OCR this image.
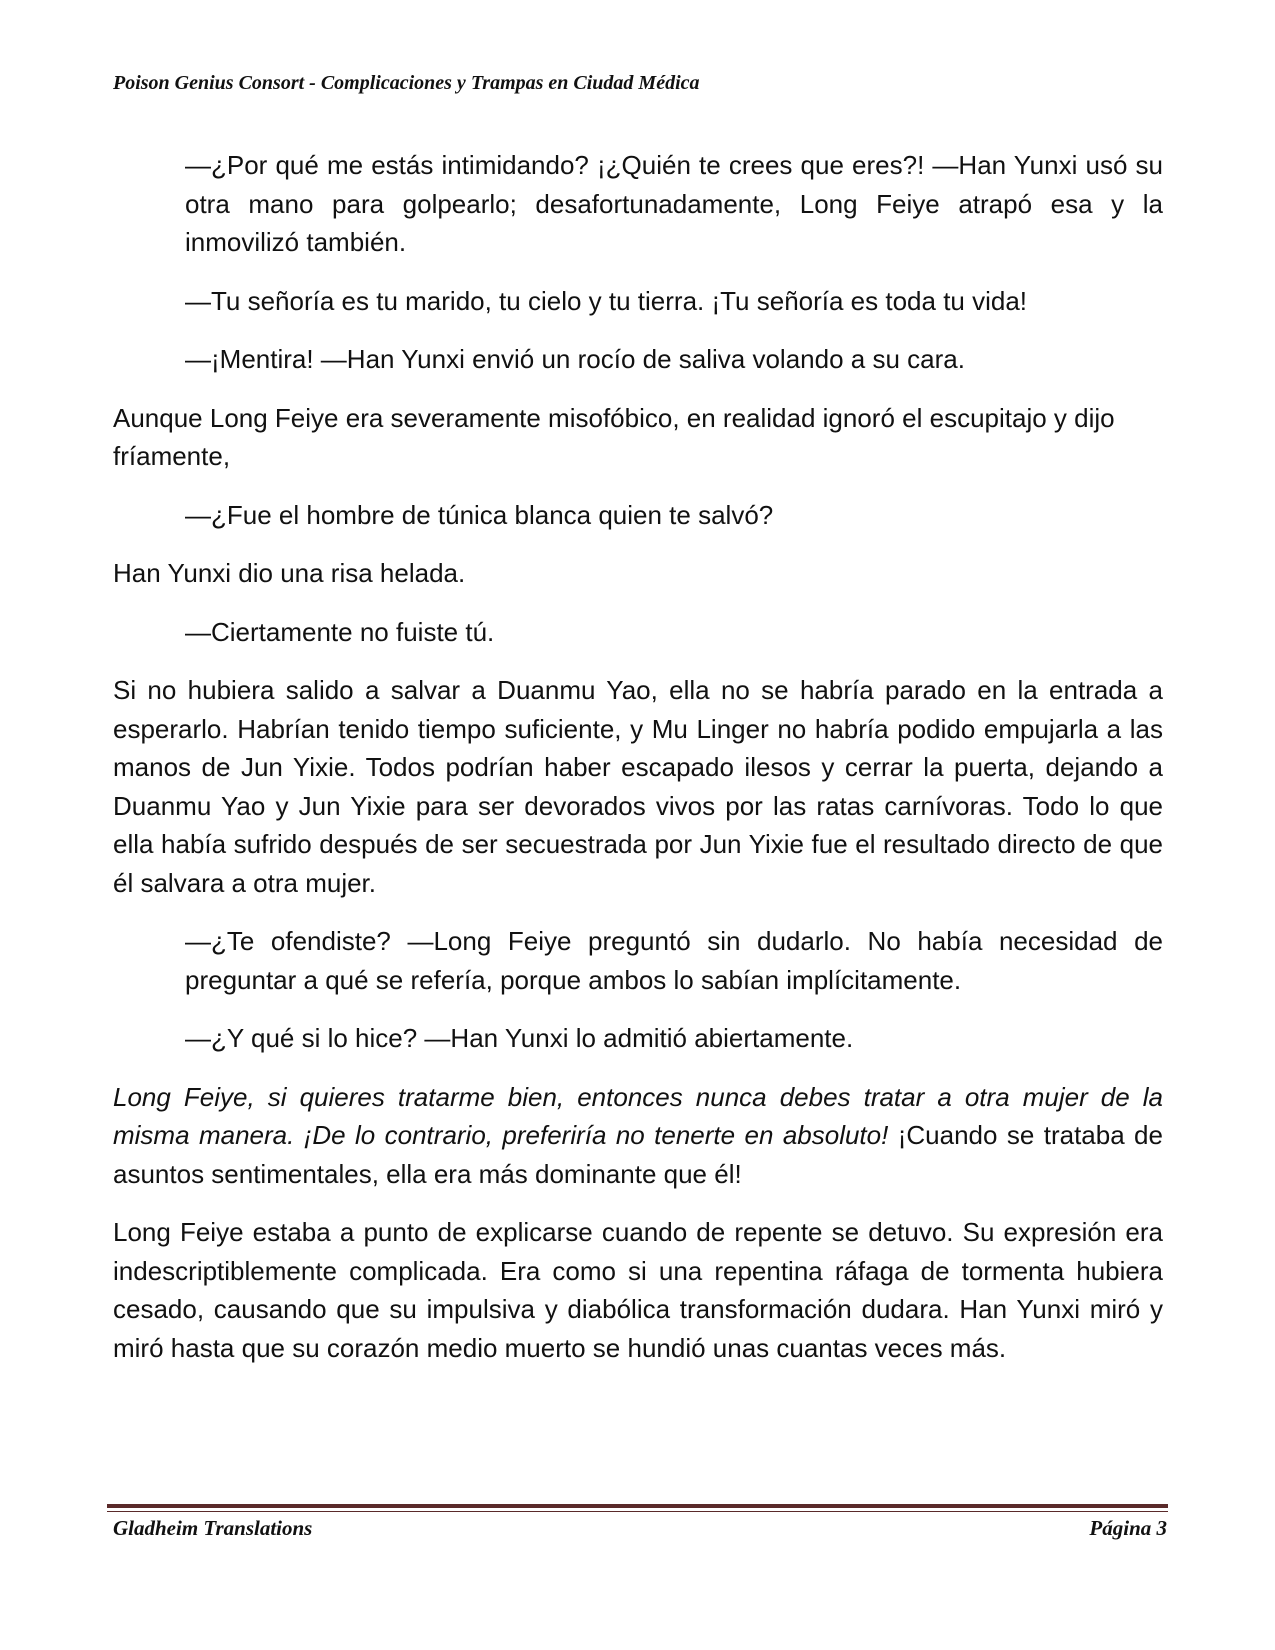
Poison Genius Consort - Complicaciones y Trampas en Ciudad Médica

—¿Por qué me estás intimidando? ¡¿Quién te crees que eres?! —Han Yunxi usó su otra mano para golpearlo; desafortunadamente, Long Feiye atrapó esa y la inmovilizó también.

—Tu señoría es tu marido, tu cielo y tu tierra. ¡Tu señoría es toda tu vida!

—¡Mentira! —Han Yunxi envió un rocío de saliva volando a su cara.

Aunque Long Feiye era severamente misofóbico, en realidad ignoró el escupitajo y dijo fríamente,

—¿Fue el hombre de túnica blanca quien te salvó?

Han Yunxi dio una risa helada.

—Ciertamente no fuiste tú.

Si no hubiera salido a salvar a Duanmu Yao, ella no se habría parado en la entrada a esperarlo. Habrían tenido tiempo suficiente, y Mu Linger no habría podido empujarla a las manos de Jun Yixie. Todos podrían haber escapado ilesos y cerrar la puerta, dejando a Duanmu Yao y Jun Yixie para ser devorados vivos por las ratas carnívoras. Todo lo que ella había sufrido después de ser secuestrada por Jun Yixie fue el resultado directo de que él salvara a otra mujer.

—¿Te ofendiste? —Long Feiye preguntó sin dudarlo. No había necesidad de preguntar a qué se refería, porque ambos lo sabían implícitamente.

—¿Y qué si lo hice? —Han Yunxi lo admitió abiertamente.

Long Feiye, si quieres tratarme bien, entonces nunca debes tratar a otra mujer de la misma manera. ¡De lo contrario, preferiría no tenerte en absoluto! ¡Cuando se trataba de asuntos sentimentales, ella era más dominante que él!

Long Feiye estaba a punto de explicarse cuando de repente se detuvo. Su expresión era indescriptiblemente complicada. Era como si una repentina ráfaga de tormenta hubiera cesado, causando que su impulsiva y diabólica transformación dudara. Han Yunxi miró y miró hasta que su corazón medio muerto se hundió unas cuantas veces más.

Gladheim Translations	Página 3
